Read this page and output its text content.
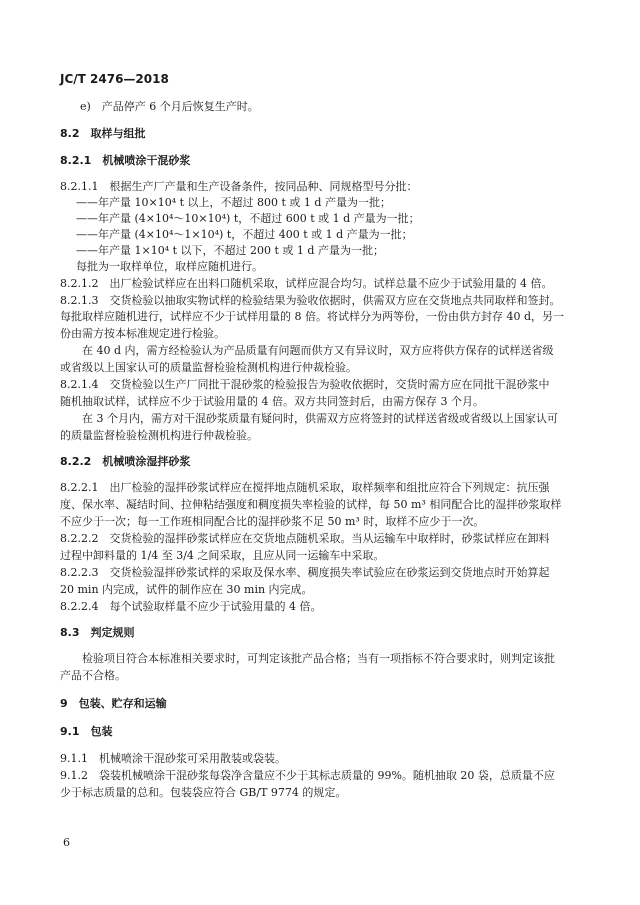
JC/T 2476—2018
e)　产品停产 6 个月后恢复生产时。
8.2　取样与组批
8.2.1　机械喷涂干混砂浆
8.2.1.1　根据生产厂产量和生产设备条件，按同品种、同规格型号分批：
——年产量 10×10⁴ t 以上，不超过 800 t 或 1 d 产量为一批；
——年产量 (4×10⁴～10×10⁴) t，不超过 600 t 或 1 d 产量为一批；
——年产量 (4×10⁴～1×10⁴) t，不超过 400 t 或 1 d 产量为一批；
——年产量 1×10⁴ t 以下，不超过 200 t 或 1 d 产量为一批；
每批为一取样单位，取样应随机进行。
8.2.1.2　出厂检验试样应在出料口随机采取，试样应混合均匀。试样总量不应少于试验用量的 4 倍。
8.2.1.3　交货检验以抽取实物试样的检验结果为验收依据时，供需双方应在交货地点共同取样和签封。
每批取样应随机进行，试样应不少于试样用量的 8 倍。将试样分为两等份，一份由供方封存 40 d，另一
份由需方按本标准规定进行检验。
在 40 d 内，需方经检验认为产品质量有问题而供方又有异议时，双方应将供方保存的试样送省级
或省级以上国家认可的质量监督检验检测机构进行仲裁检验。
8.2.1.4　交货检验以生产厂同批干混砂浆的检验报告为验收依据时，交货时需方应在同批干混砂浆中
随机抽取试样，试样应不少于试验用量的 4 倍。双方共同签封后，由需方保存 3 个月。
在 3 个月内，需方对干混砂浆质量有疑问时，供需双方应将签封的试样送省级或省级以上国家认可
的质量监督检验检测机构进行仲裁检验。
8.2.2　机械喷涂湿拌砂浆
8.2.2.1　出厂检验的湿拌砂浆试样应在搅拌地点随机采取，取样频率和组批应符合下列规定：抗压强
度、保水率、凝结时间、拉伸粘结强度和稠度损失率检验的试样，每 50 m³ 相同配合比的湿拌砂浆取样
不应少于一次；每一工作班相同配合比的湿拌砂浆不足 50 m³ 时，取样不应少于一次。
8.2.2.2　交货检验的湿拌砂浆试样应在交货地点随机采取。当从运输车中取样时，砂浆试样应在卸料
过程中卸料量的 1/4 至 3/4 之间采取，且应从同一运输车中采取。
8.2.2.3　交货检验湿拌砂浆试样的采取及保水率、稠度损失率试验应在砂浆运到交货地点时开始算起
20 min 内完成，试件的制作应在 30 min 内完成。
8.2.2.4　每个试验取样量不应少于试验用量的 4 倍。
8.3　判定规则
检验项目符合本标准相关要求时，可判定该批产品合格；当有一项指标不符合要求时，则判定该批
产品不合格。
9　包装、贮存和运输
9.1　包装
9.1.1　机械喷涂干混砂浆可采用散装或袋装。
9.1.2　袋装机械喷涂干混砂浆每袋净含量应不少于其标志质量的 99%。随机抽取 20 袋，总质量不应
少于标志质量的总和。包装袋应符合 GB/T 9774 的规定。
6
